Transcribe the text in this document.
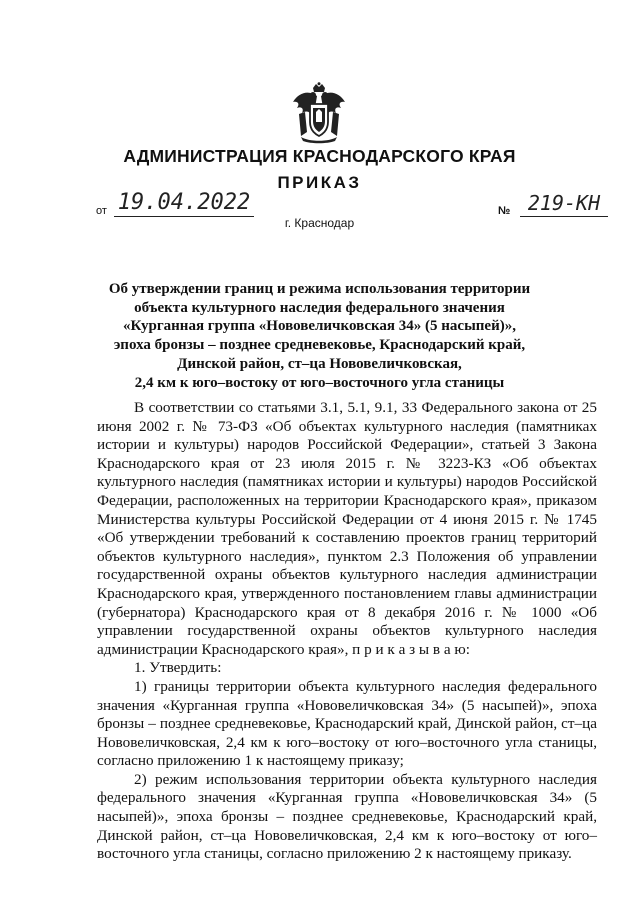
АДМИНИСТРАЦИЯ КРАСНОДАРСКОГО КРАЯ
ПРИКАЗ
от 19.04.2022	№ 219-КН
г. Краснодар
Об утверждении границ и режима использования территории
объекта культурного наследия федерального значения
«Курганная группа «Нововеличковская 34» (5 насыпей)»,
эпоха бронзы – позднее средневековье, Краснодарский край,
Динской район, ст–ца Нововеличковская,
2,4 км к юго–востоку от юго–восточного угла станицы

В соответствии со статьями 3.1, 5.1, 9.1, 33 Федерального закона от 25 июня 2002 г. № 73-ФЗ «Об объектах культурного наследия (памятниках истории и культуры) народов Российской Федерации», статьей 3 Закона Краснодарского края от 23 июля 2015 г. № 3223-КЗ «Об объектах культурного наследия (памятниках истории и культуры) народов Российской Федерации, расположенных на территории Краснодарского края», приказом Министерства культуры Российской Федерации от 4 июня 2015 г. № 1745 «Об утверждении требований к составлению проектов границ территорий объектов культурного наследия», пунктом 2.3 Положения об управлении государственной охраны объектов культурного наследия администрации Краснодарского края, утвержденного постановлением главы администрации (губернатора) Краснодарского края от 8 декабря 2016 г. № 1000 «Об управлении государственной охраны объектов культурного наследия администрации Краснодарского края», п р и к а з ы в а ю:

1. Утвердить:

1) границы территории объекта культурного наследия федерального значения «Курганная группа «Нововеличковская 34» (5 насыпей)», эпоха бронзы – позднее средневековье, Краснодарский край, Динской район, ст–ца Нововеличковская, 2,4 км к юго–востоку от юго–восточного угла станицы, согласно приложению 1 к настоящему приказу;

2) режим использования территории объекта культурного наследия федерального значения «Курганная группа «Нововеличковская 34» (5 насыпей)», эпоха бронзы – позднее средневековье, Краснодарский край, Динской район, ст–ца Нововеличковская, 2,4 км к юго–востоку от юго–восточного угла станицы, согласно приложению 2 к настоящему приказу.
